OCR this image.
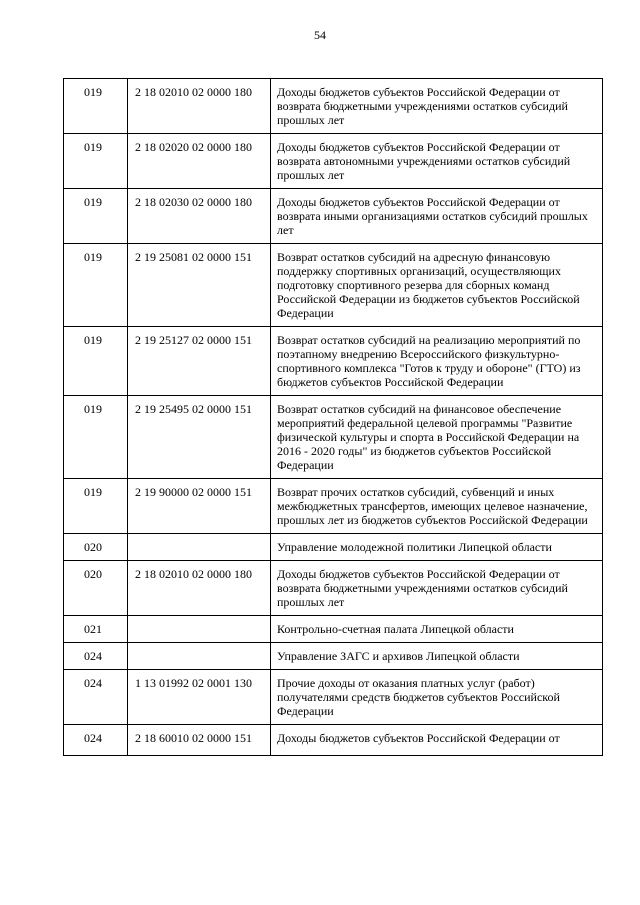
54
019	2 18 02010 02 0000 180	Доходы бюджетов субъектов Российской Федерации от возврата бюджетными учреждениями остатков субсидий прошлых лет
019	2 18 02020 02 0000 180	Доходы бюджетов субъектов Российской Федерации от возврата автономными учреждениями остатков субсидий прошлых лет
019	2 18 02030 02 0000 180	Доходы бюджетов субъектов Российской Федерации от возврата иными организациями остатков субсидий прошлых лет
019	2 19 25081 02 0000 151	Возврат остатков субсидий на адресную финансовую поддержку спортивных организаций, осуществляющих подготовку спортивного резерва для сборных команд Российской Федерации из бюджетов субъектов Российской Федерации
019	2 19 25127 02 0000 151	Возврат остатков субсидий на реализацию мероприятий по поэтапному внедрению Всероссийского физкультурно-спортивного комплекса "Готов к труду и обороне" (ГТО) из бюджетов субъектов Российской Федерации
019	2 19 25495 02 0000 151	Возврат остатков субсидий на финансовое обеспечение мероприятий федеральной целевой программы "Развитие физической культуры и спорта в Российской Федерации на 2016 - 2020 годы" из бюджетов субъектов Российской Федерации
019	2 19 90000 02 0000 151	Возврат прочих остатков субсидий, субвенций и иных межбюджетных трансфертов, имеющих целевое назначение, прошлых лет из бюджетов субъектов Российской Федерации
020		Управление молодежной политики Липецкой области
020	2 18 02010 02 0000 180	Доходы бюджетов субъектов Российской Федерации от возврата бюджетными учреждениями остатков субсидий прошлых лет
021		Контрольно-счетная палата Липецкой области
024		Управление ЗАГС и архивов Липецкой области
024	1 13 01992 02 0001 130	Прочие доходы от оказания платных услуг (работ) получателями средств бюджетов субъектов Российской Федерации
024	2 18 60010 02 0000 151	Доходы бюджетов субъектов Российской Федерации от
